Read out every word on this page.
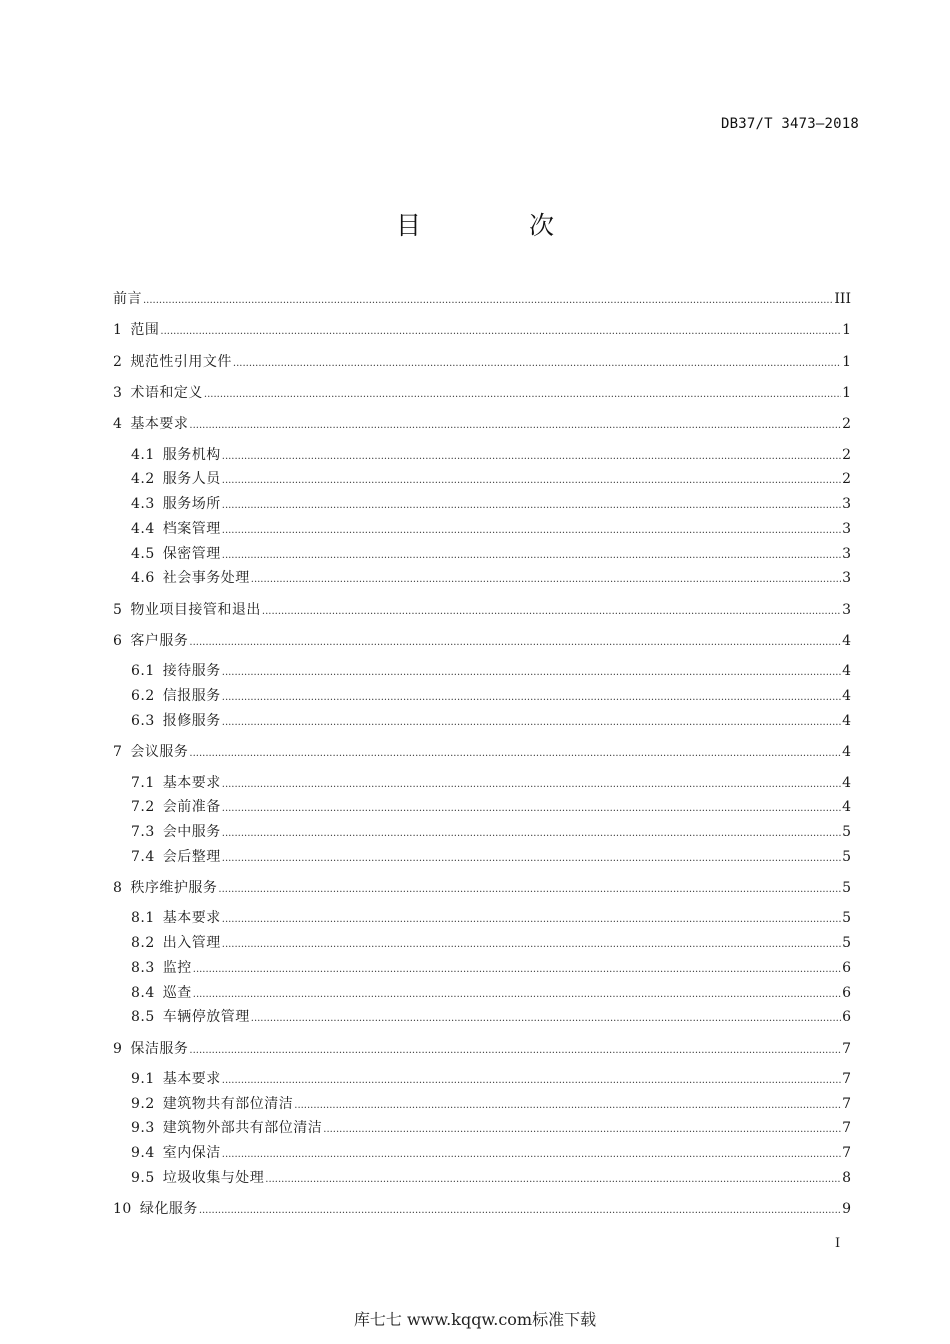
DB37/T 3473—2018
目 次
前言 .....	III
1 范围 .....	1
2 规范性引用文件 .....	1
3 术语和定义 .....	1
4 基本要求 .....	2
4.1 服务机构 .....	2
4.2 服务人员 .....	2
4.3 服务场所 .....	3
4.4 档案管理 .....	3
4.5 保密管理 .....	3
4.6 社会事务处理 .....	3
5 物业项目接管和退出 .....	3
6 客户服务 .....	4
6.1 接待服务 .....	4
6.2 信报服务 .....	4
6.3 报修服务 .....	4
7 会议服务 .....	4
7.1 基本要求 .....	4
7.2 会前准备 .....	4
7.3 会中服务 .....	5
7.4 会后整理 .....	5
8 秩序维护服务 .....	5
8.1 基本要求 .....	5
8.2 出入管理 .....	5
8.3 监控 .....	6
8.4 巡查 .....	6
8.5 车辆停放管理 .....	6
9 保洁服务 .....	7
9.1 基本要求 .....	7
9.2 建筑物共有部位清洁 .....	7
9.3 建筑物外部共有部位清洁 .....	7
9.4 室内保洁 .....	7
9.5 垃圾收集与处理 .....	8
10 绿化服务 .....	9
I
库七七 www.kqqw.com标准下载
